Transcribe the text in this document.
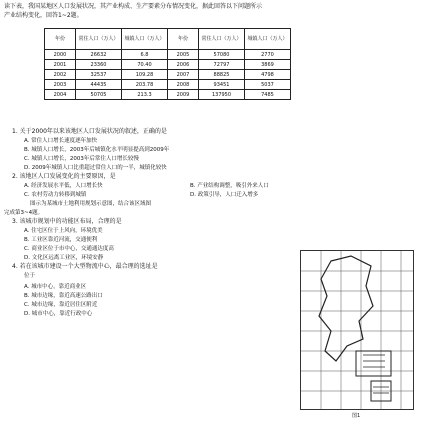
读下表，我国某地区人口发展状况，其产业构成、生产要素分布情况变化，据此回答以下问题所示
产业结构变化，回答1~2题。
年份	常住人口（万人）	城镇人口（万人）	年份	常住人口（万人）	城镇人口（万人）
2000	26632	6.8	2005	57080	2770
2001	23360	70.40	2006	72797	3869
2002	32537	109.28	2007	88825	4798
2003	44435	203.78	2008	93451	5037
2004	50705	213.3	2009	137950	7485
1. 关于2000年以来该地区人口发展状况的叙述，正确的是
A. 常住人口增长速度逐年加快
B. 城镇人口增长，2003年后城镇化水平明显提高到2009年
C. 城镇人口增长，2003年后常住人口增长较慢
D. 2009年城镇人口比重超过常住人口的一半，城镇化较快
2. 该地区人口发展变化的主要原因，是
A. 经济发展水平低，人口增长快	B. 产业结构调整，吸引外来人口
C. 农村劳动力转移到城镇	D. 政策引导，人口迁入增多
图示为某城市土地利用规划示意图，结合该区域图
完成第3~4题。
3. 该城市规划中的功能区布局，合理的是
A. 住宅区位于上风向，环境优美
B. 工业区靠近河流，交通便利
C. 商业区位于市中心，交通通达度高
D. 文化区远离工业区，环境安静
4. 若在该城市建设一个大型物流中心，最合理的选址是
位于
A. 城市中心，靠近商业区
B. 城市边缘，靠近高速公路出口
C. 城市边缘，靠近居住区附近
D. 城市中心，靠近行政中心
图1
